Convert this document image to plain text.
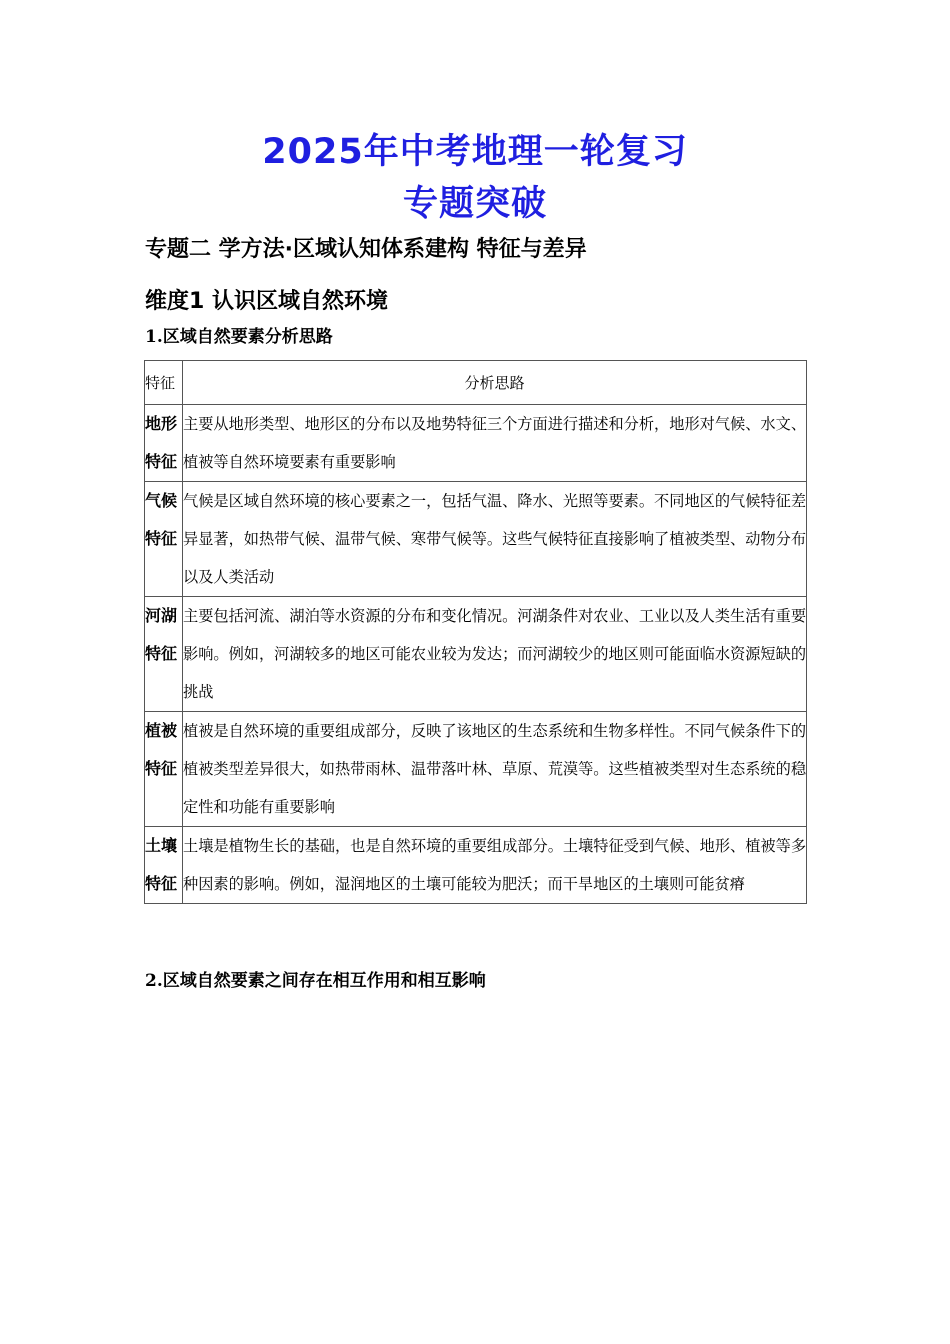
2025年中考地理一轮复习
专题突破
专题二 学方法·区域认知体系建构 特征与差异
维度1 认识区域自然环境
1.区域自然要素分析思路
特征	分析思路
地形特征	主要从地形类型、地形区的分布以及地势特征三个方面进行描述和分析，地形对气候、水文、植被等自然环境要素有重要影响
气候特征	气候是区域自然环境的核心要素之一，包括气温、降水、光照等要素。不同地区的气候特征差异显著，如热带气候、温带气候、寒带气候等。这些气候特征直接影响了植被类型、动物分布以及人类活动
河湖特征	主要包括河流、湖泊等水资源的分布和变化情况。河湖条件对农业、工业以及人类生活有重要影响。例如，河湖较多的地区可能农业较为发达；而河湖较少的地区则可能面临水资源短缺的挑战
植被特征	植被是自然环境的重要组成部分，反映了该地区的生态系统和生物多样性。不同气候条件下的植被类型差异很大，如热带雨林、温带落叶林、草原、荒漠等。这些植被类型对生态系统的稳定性和功能有重要影响
土壤特征	土壤是植物生长的基础，也是自然环境的重要组成部分。土壤特征受到气候、地形、植被等多种因素的影响。例如，湿润地区的土壤可能较为肥沃；而干旱地区的土壤则可能贫瘠
2.区域自然要素之间存在相互作用和相互影响
